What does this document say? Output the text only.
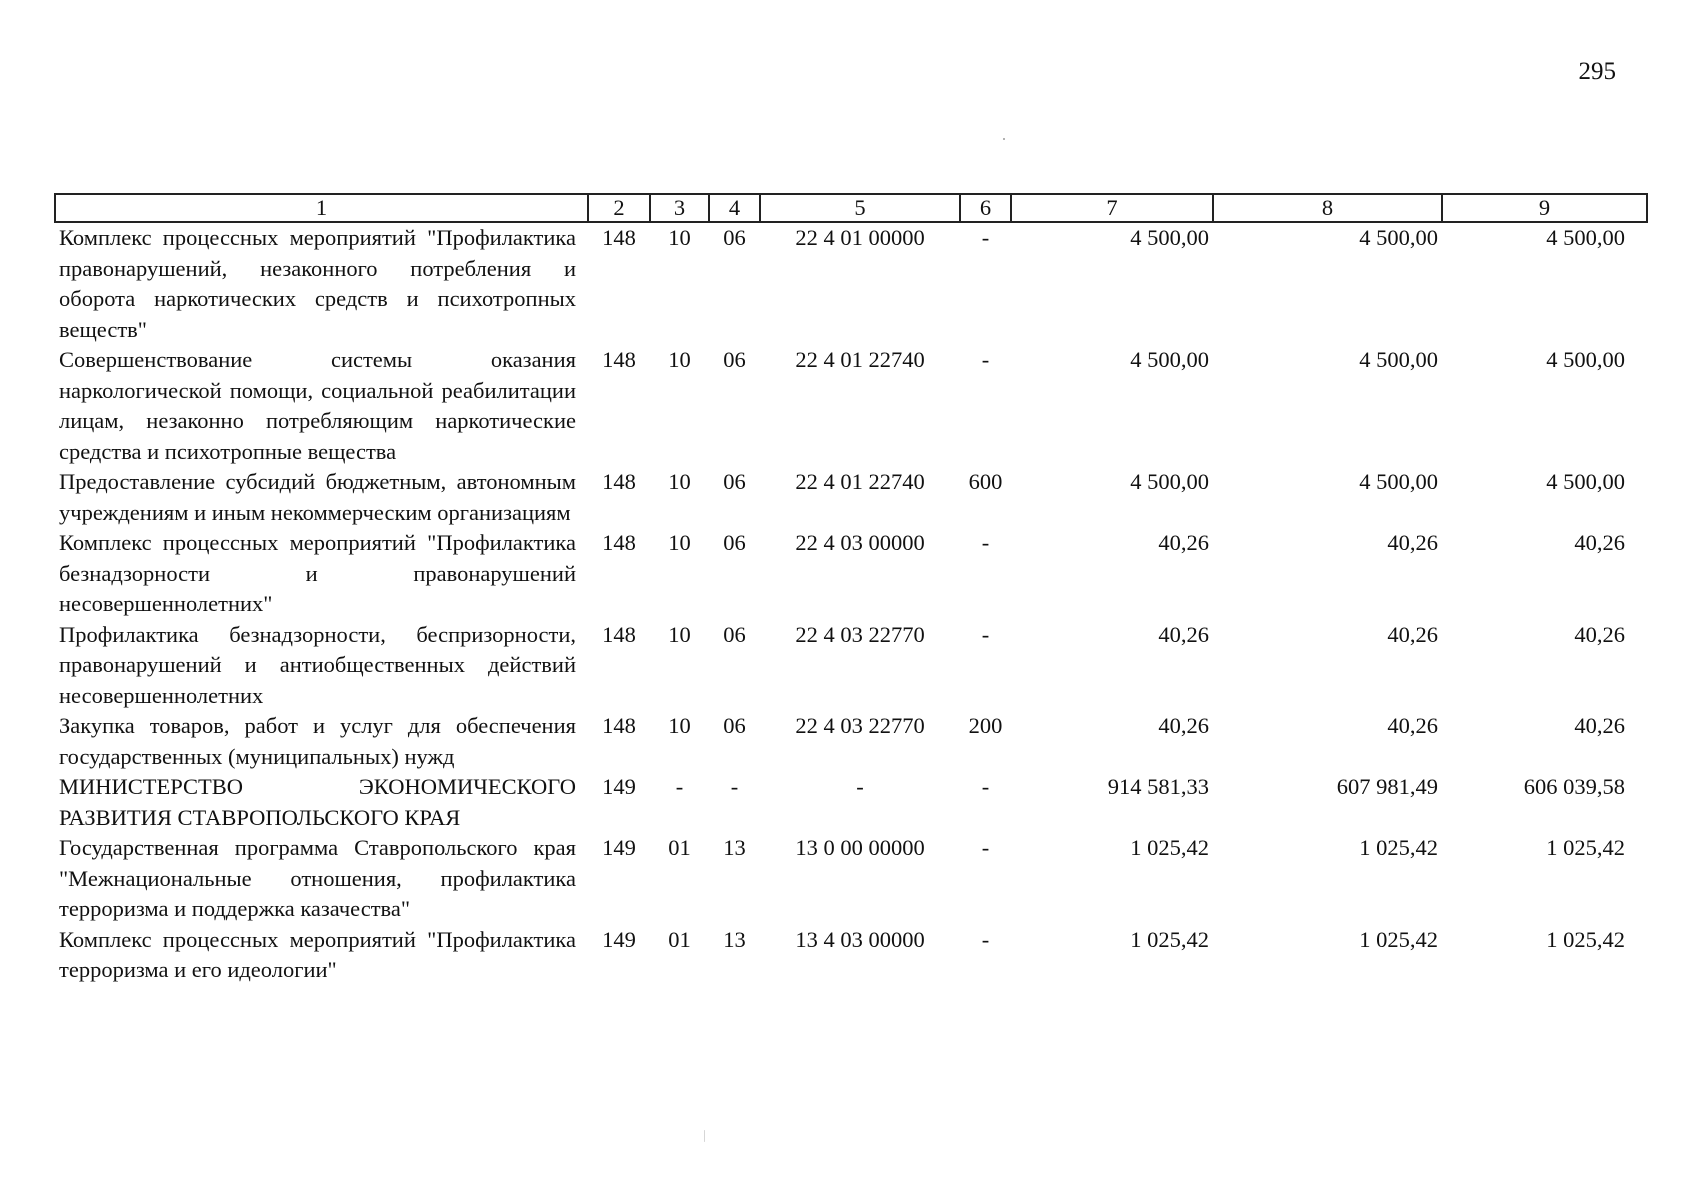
295
1	2	3	4	5	6	7	8	9
Комплекс процессных мероприятий "Профилактика правонарушений, незаконного потребления и оборота наркотических средств и психотропных веществ"	148	10	06	22 4 01 00000	-	4 500,00	4 500,00	4 500,00
Совершенствование системы оказания наркологической помощи, социальной реабилитации лицам, незаконно потребляющим наркотические средства и психотропные вещества	148	10	06	22 4 01 22740	-	4 500,00	4 500,00	4 500,00
Предоставление субсидий бюджетным, автономным учреждениям и иным некоммерческим организациям	148	10	06	22 4 01 22740	600	4 500,00	4 500,00	4 500,00
Комплекс процессных мероприятий "Профилактика безнадзорности и правонарушений несовершеннолетних"	148	10	06	22 4 03 00000	-	40,26	40,26	40,26
Профилактика безнадзорности, беспризорности, правонарушений и антиобщественных действий несовершеннолетних	148	10	06	22 4 03 22770	-	40,26	40,26	40,26
Закупка товаров, работ и услуг для обеспечения государственных (муниципальных) нужд	148	10	06	22 4 03 22770	200	40,26	40,26	40,26
МИНИСТЕРСТВО ЭКОНОМИЧЕСКОГО РАЗВИТИЯ СТАВРОПОЛЬСКОГО КРАЯ	149	-	-	-	-	914 581,33	607 981,49	606 039,58
Государственная программа Ставропольского края "Межнациональные отношения, профилактика терроризма и поддержка казачества"	149	01	13	13 0 00 00000	-	1 025,42	1 025,42	1 025,42
Комплекс процессных мероприятий "Профилактика терроризма и его идеологии"	149	01	13	13 4 03 00000	-	1 025,42	1 025,42	1 025,42
